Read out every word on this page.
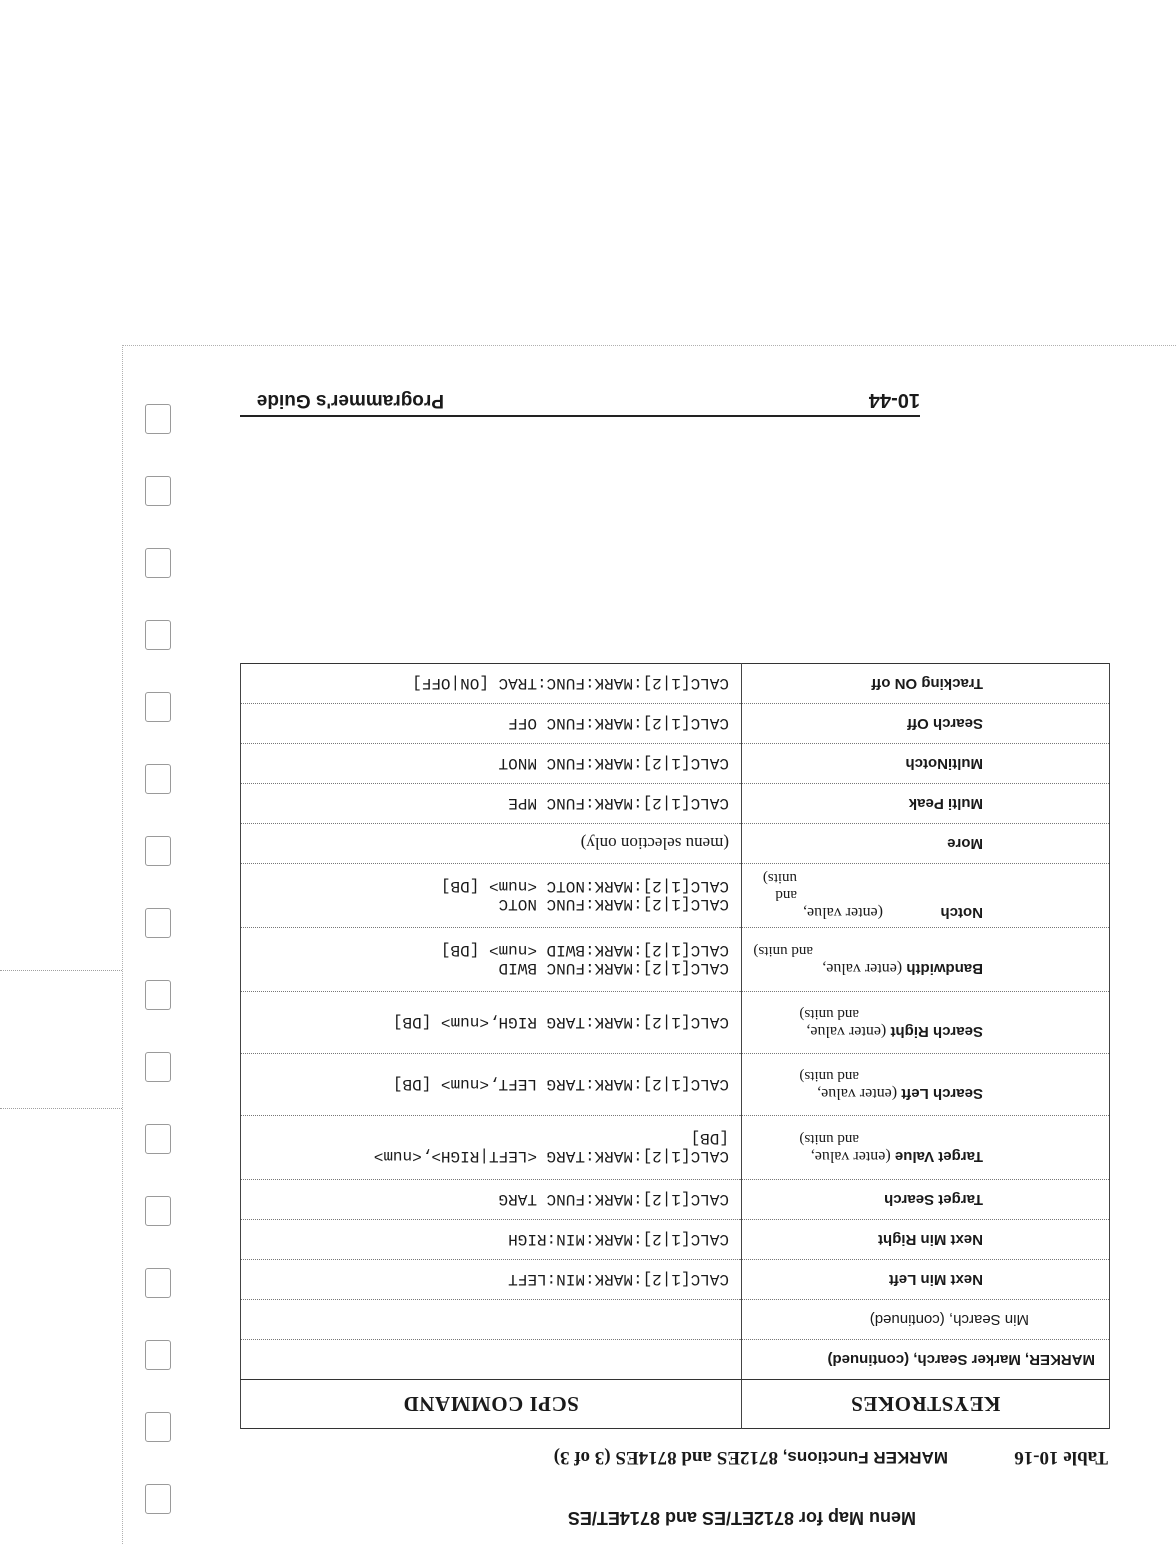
Menu Map for 8712ET/ES and 8714ET/ES
Table 10-16MARKER Functions, 8712ES and 8714ES (3 of 3)
KEYSTROKES	SCPI COMMAND
MARKER, Marker Search, (continued)	
Min Search, (continued)	
Next Min Left	CALC[1|2]:MARK:MIN:LEFT
Next Min Right	CALC[1|2]:MARK:MIN:RIGH
Target Search	CALC[1|2]:MARK:FUNC TARG
Target Value (enter value,
and units)	CALC[1|2]:MARK:TARG <LEFT|RIGH>,<num>
[DB]
Search Left (enter value,
and units)	CALC[1|2]:MARK:TARG LEFT,<num> [DB]
Search Right (enter value,
and units)	CALC[1|2]:MARK:TARG RIGH,<num> [DB]
Bandwidth (enter value,
and units)	CALC[1|2]:MARK:FUNC BWID
CALC[1|2]:MARK:BWID <num> [DB]
Notch(enter value,
and units)	CALC[1|2]:MARK:FUNC NOTC
CALC[1|2]:MARK:NOTC <num> [DB]
More	(menu selection only)
Multi Peak	CALC[1|2]:MARK:FUNC MPE
MultiNotch	CALC[1|2]:MARK:FUNC MNOT
Search Off	CALC[1|2]:MARK:FUNC OFF
Tracking ON off	CALC[1|2]:MARK:FUNC:TRAC [ON|OFF]
10-44
Programmer's Guide
